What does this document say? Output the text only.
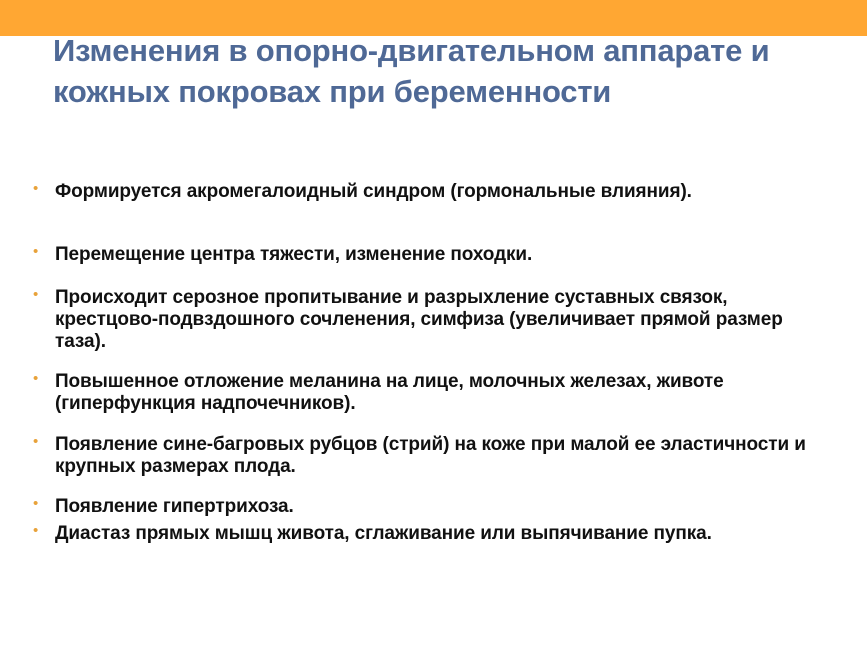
Изменения в опорно-двигательном аппарате и кожных покровах при беременности
• Формируется акромегалоидный синдром (гормональные влияния).
• Перемещение центра тяжести, изменение походки.
• Происходит серозное пропитывание и разрыхление суставных связок, крестцово-подвздошного сочленения, симфиза (увеличивает прямой размер таза).
• Повышенное отложение меланина на лице, молочных железах, животе (гиперфункция надпочечников).
• Появление сине-багровых рубцов (стрий) на коже при малой ее эластичности и крупных размерах плода.
• Появление гипертрихоза.
• Диастаз прямых мышц живота, сглаживание или выпячивание пупка.
